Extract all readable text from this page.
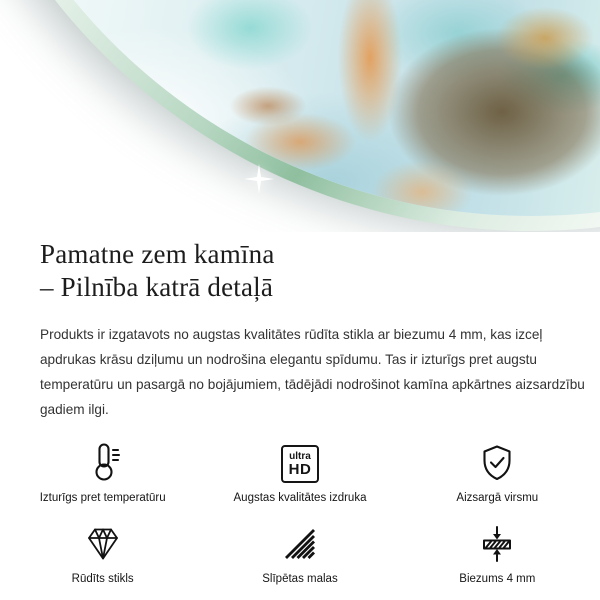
Pamatne zem kamīna
– Pilnība katrā detaļā
Produkts ir izgatavots no augstas kvalitātes rūdīta stikla ar biezumu 4 mm, kas izceļ apdrukas krāsu dziļumu un nodrošina elegantu spīdumu. Tas ir izturīgs pret augstu temperatūru un pasargā no bojājumiem, tādējādi nodrošinot kamīna apkārtnes aizsardzību gadiem ilgi.
Izturīgs pret temperatūru
ultra
HD
Augstas kvalitātes izdruka	Aizsargā virsmu
Rūdīts stikls	Slīpētas malas	Biezums 4 mm
